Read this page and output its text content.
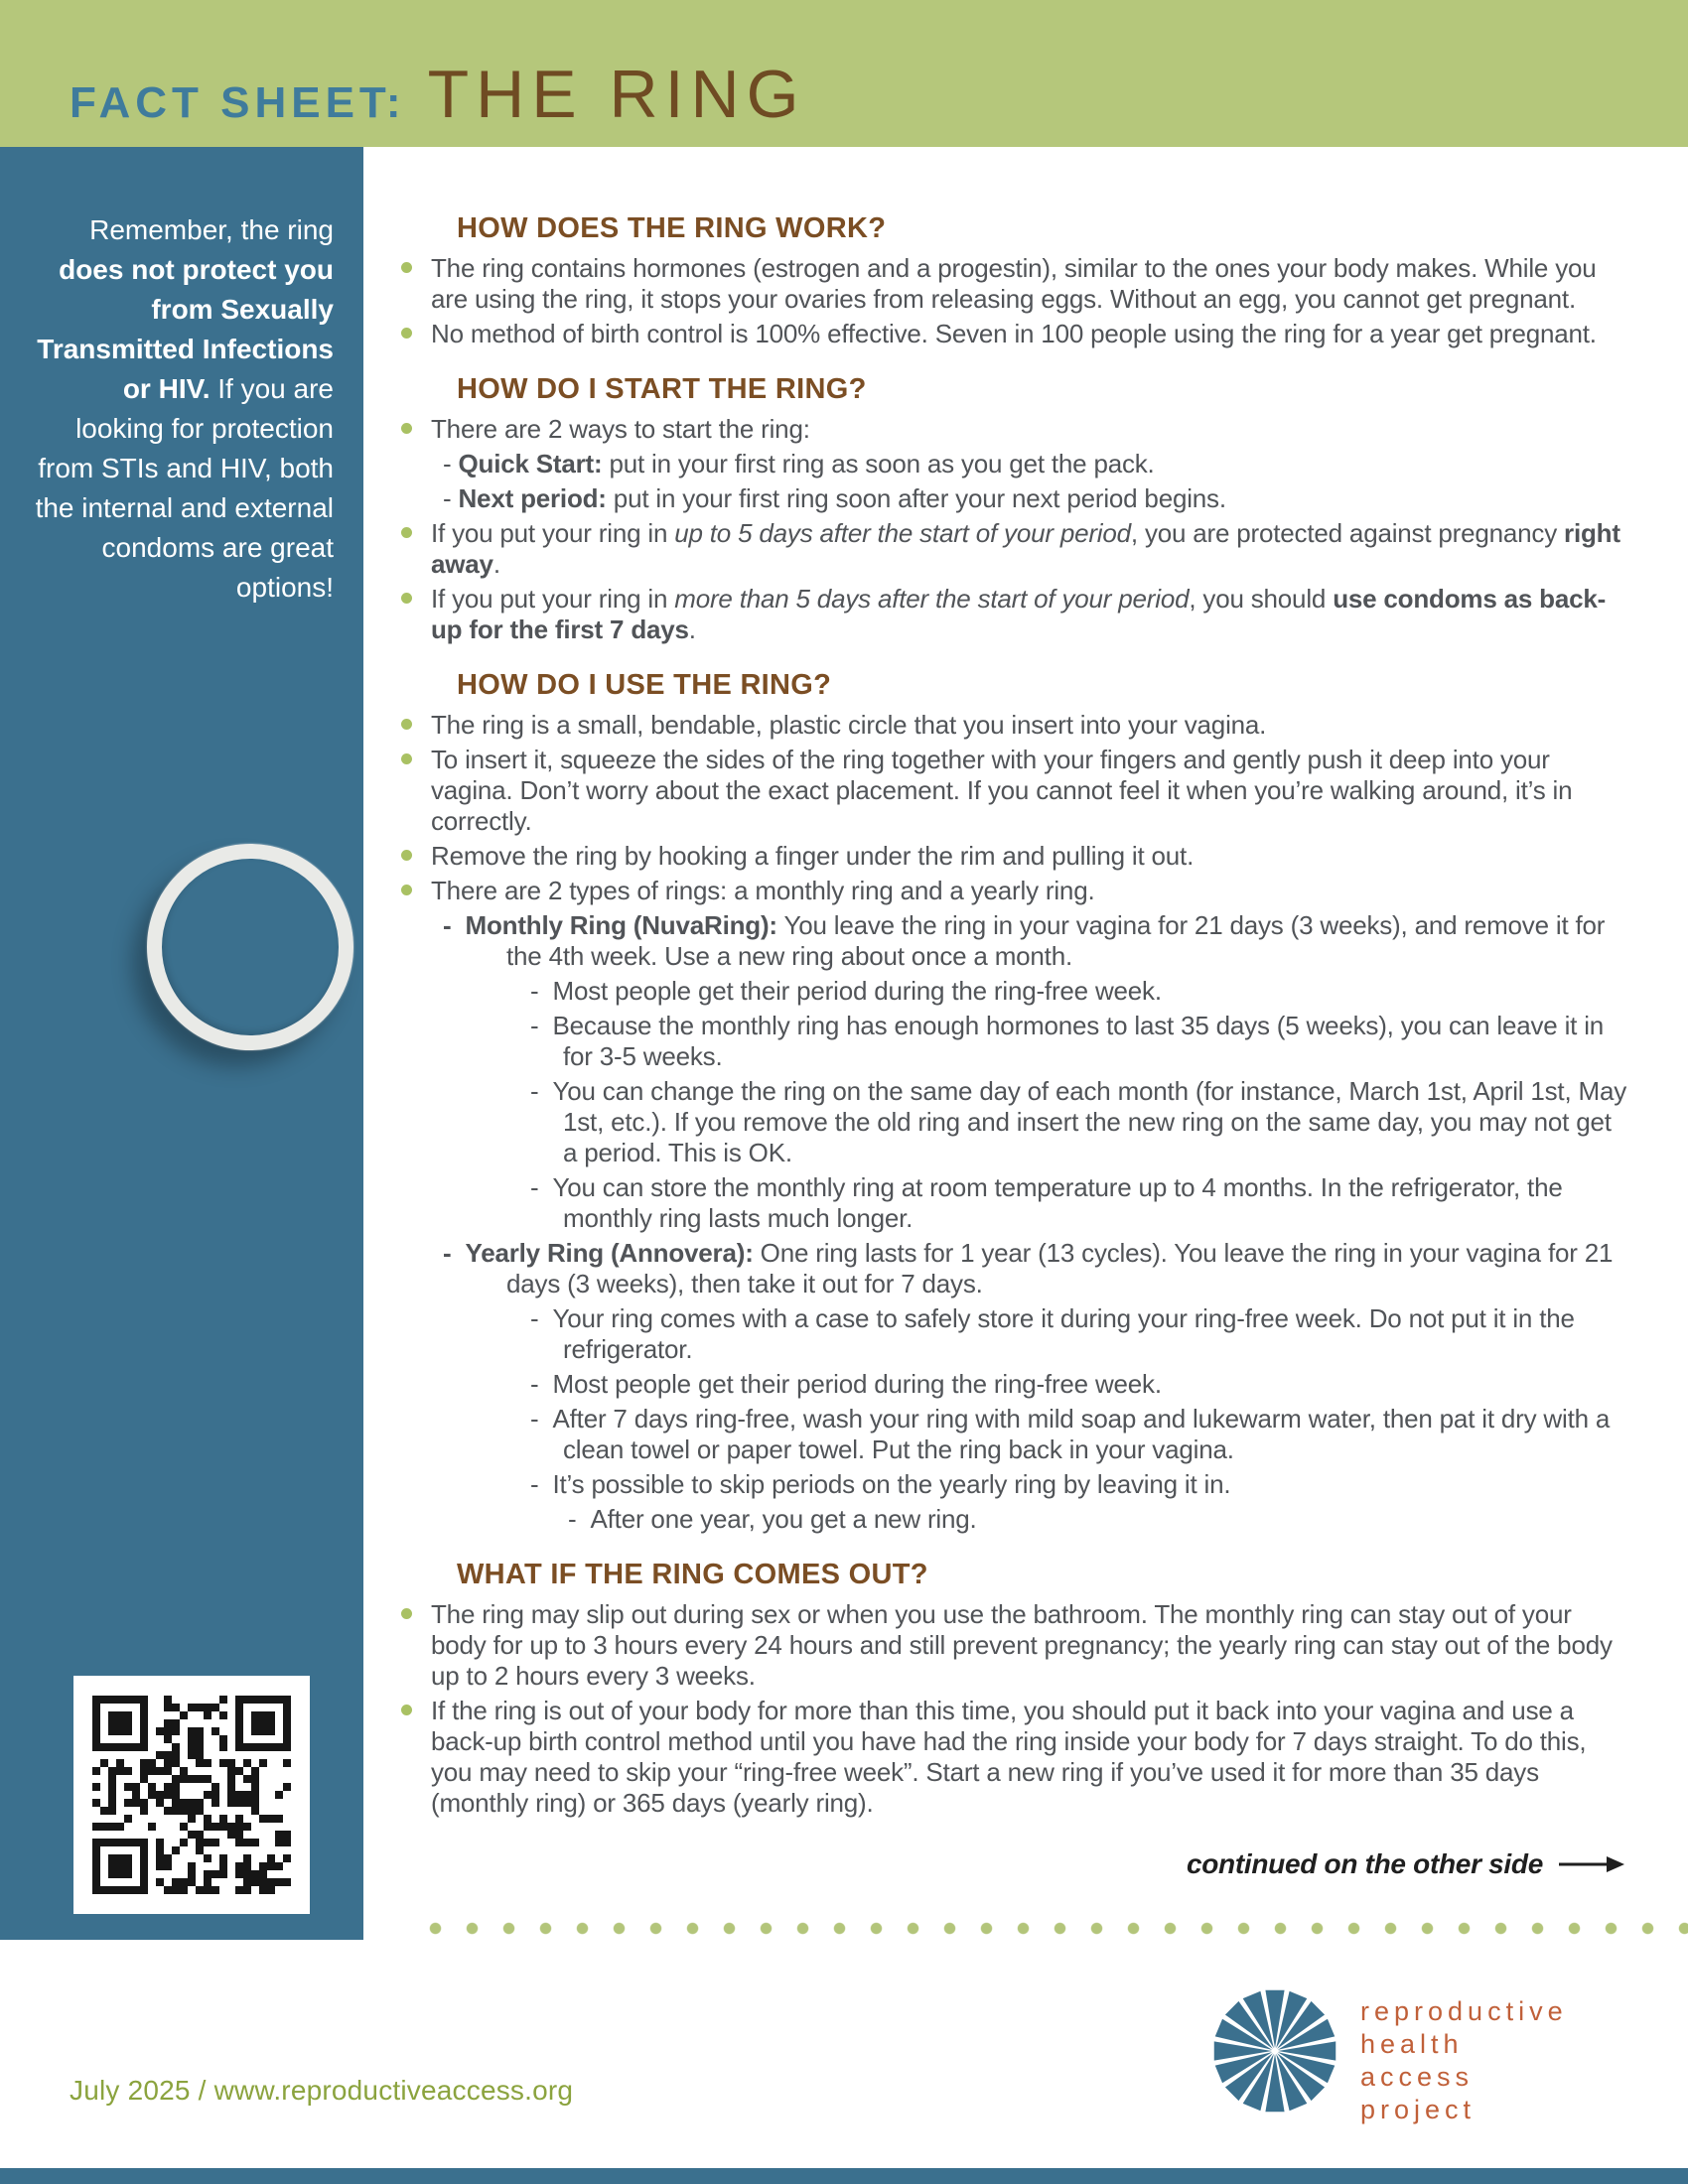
FACT SHEET: THE RING
Remember, the ring does not protect you from Sexually Transmitted Infections or HIV. If you are looking for protection from STIs and HIV, both the internal and external condoms are great options!
HOW DOES THE RING WORK?
The ring contains hormones (estrogen and a progestin), similar to the ones your body makes. While you are using the ring, it stops your ovaries from releasing eggs. Without an egg, you cannot get pregnant.
No method of birth control is 100% effective. Seven in 100 people using the ring for a year get pregnant.
HOW DO I START THE RING?
There are 2 ways to start the ring:
- Quick Start: put in your first ring as soon as you get the pack.
- Next period: put in your first ring soon after your next period begins.
If you put your ring in up to 5 days after the start of your period, you are protected against pregnancy right away.
If you put your ring in more than 5 days after the start of your period, you should use condoms as back-up for the first 7 days.
HOW DO I USE THE RING?
The ring is a small, bendable, plastic circle that you insert into your vagina.
To insert it, squeeze the sides of the ring together with your fingers and gently push it deep into your vagina. Don’t worry about the exact placement. If you cannot feel it when you’re walking around, it’s in correctly.
Remove the ring by hooking a finger under the rim and pulling it out.
There are 2 types of rings: a monthly ring and a yearly ring.
-  Monthly Ring (NuvaRing): You leave the ring in your vagina for 21 days (3 weeks), and remove it for the 4th week. Use a new ring about once a month.
-  Most people get their period during the ring-free week.
-  Because the monthly ring has enough hormones to last 35 days (5 weeks), you can leave it in for 3-5 weeks.
-  You can change the ring on the same day of each month (for instance, March 1st, April 1st, May 1st, etc.). If you remove the old ring and insert the new ring on the same day, you may not get a period. This is OK.
-  You can store the monthly ring at room temperature up to 4 months. In the refrigerator, the monthly ring lasts much longer.
-  Yearly Ring (Annovera): One ring lasts for 1 year (13 cycles). You leave the ring in your vagina for 21 days (3 weeks), then take it out for 7 days.
-  Your ring comes with a case to safely store it during your ring-free week. Do not put it in the refrigerator.
-  Most people get their period during the ring-free week.
-  After 7 days ring-free, wash your ring with mild soap and lukewarm water, then pat it dry with a clean towel or paper towel. Put the ring back in your vagina.
-  It’s possible to skip periods on the yearly ring by leaving it in.
-  After one year, you get a new ring.
WHAT IF THE RING COMES OUT?
The ring may slip out during sex or when you use the bathroom. The monthly ring can stay out of your body for up to 3 hours every 24 hours and still prevent pregnancy; the yearly ring can stay out of the body up to 2 hours every 3 weeks.
If the ring is out of your body for more than this time, you should put it back into your vagina and use a back-up birth control method until you have had the ring inside your body for 7 days straight. To do this, you may need to skip your “ring-free week”. Start a new ring if you’ve used it for more than 35 days (monthly ring) or 365 days (yearly ring).
continued on the other side
reproductive
health
access
project
July 2025 / www.reproductiveaccess.org
